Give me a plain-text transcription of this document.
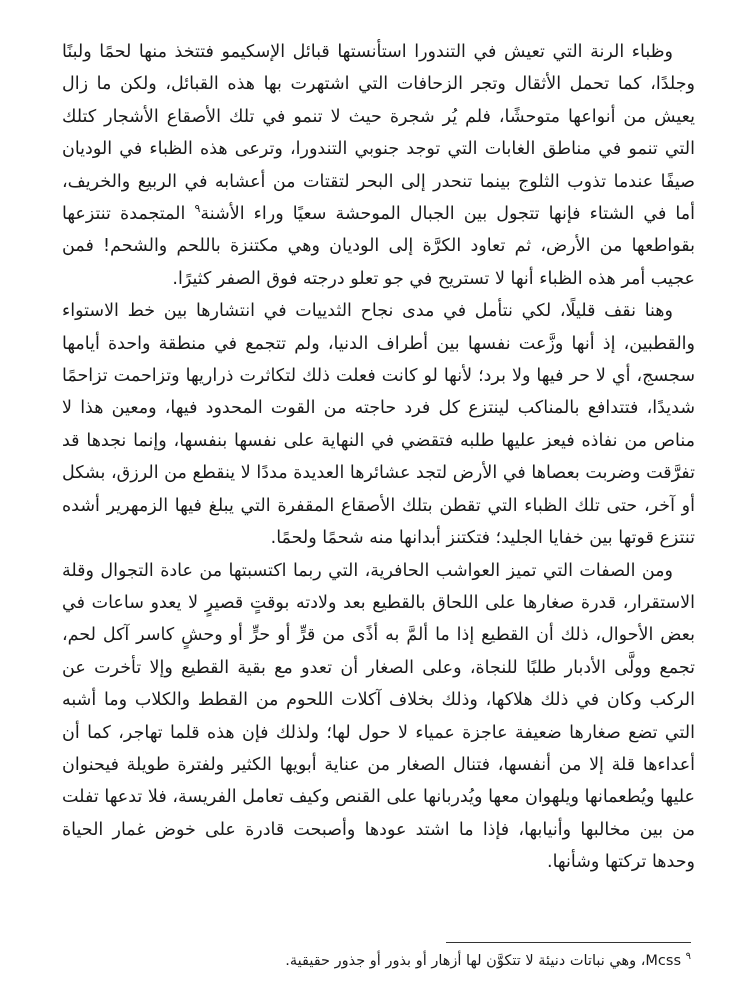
وظباء الرنة التي تعيش في التندورا استأنستها قبائل الإسكيمو فتتخذ منها لحمًا ولبنًا وجلدًا، كما تحمل الأثقال وتجر الزحافات التي اشتهرت بها هذه القبائل، ولكن ما زال يعيش من أنواعها متوحشًا، فلم يُر شجرة حيث لا تنمو في تلك الأصقاع الأشجار كتلك التي تنمو في مناطق الغابات التي توجد جنوبي التندورا، وترعى هذه الظباء في الوديان صيفًا عندما تذوب الثلوج بينما تنحدر إلى البحر لتقتات من أعشابه في الربيع والخريف، أما في الشتاء فإنها تتجول بين الجبال الموحشة سعيًا وراء الأشنة$^٩$ المتجمدة تنتزعها بقواطعها من الأرض، ثم تعاود الكرَّة إلى الوديان وهي مكتنزة باللحم والشحم! فمن عجيب أمر هذه الظباء أنها لا تستريح في جو تعلو درجته فوق الصفر كثيرًا.

وهنا نقف قليلًا، لكي نتأمل في مدى نجاح الثدييات في انتشارها بين خط الاستواء والقطبين، إذ أنها وزَّعت نفسها بين أطراف الدنيا، ولم تتجمع في منطقة واحدة أيامها سجسج، أي لا حر فيها ولا برد؛ لأنها لو كانت فعلت ذلك لتكاثرت ذراريها وتزاحمت تزاحمًا شديدًا، فتتدافع بالمناكب لينتزع كل فرد حاجته من القوت المحدود فيها، ومعين هذا لا مناص من نفاذه فيعز عليها طلبه فتقضي في النهاية على نفسها بنفسها، وإنما نجدها قد تفرَّقت وضربت بعصاها في الأرض لتجد عشائرها العديدة مددًا لا ينقطع من الرزق، بشكل أو آخر، حتى تلك الظباء التي تقطن بتلك الأصقاع المقفرة التي يبلغ فيها الزمهرير أشده تنتزع قوتها بين خفايا الجليد؛ فتكتنز أبدانها منه شحمًا ولحمًا.

ومن الصفات التي تميز العواشب الحافرية، التي ربما اكتسبتها من عادة التجوال وقلة الاستقرار، قدرة صغارها على اللحاق بالقطيع بعد ولادته بوقتٍ قصيرٍ لا يعدو ساعات في بعض الأحوال، ذلك أن القطيع إذا ما ألمَّ به أذًى من قرٍّ أو حرٍّ أو وحشٍ كاسر آكل لحم، تجمع وولَّى الأدبار طلبًا للنجاة، وعلى الصغار أن تعدو مع بقية القطيع وإلا تأخرت عن الركب وكان في ذلك هلاكها، وذلك بخلاف آكلات اللحوم من القطط والكلاب وما أشبه التي تضع صغارها ضعيفة عاجزة عمياء لا حول لها؛ ولذلك فإن هذه قلما تهاجر، كما أن أعداءها قلة إلا من أنفسها، فتنال الصغار من عناية أبويها الكثير ولفترة طويلة فيحنوان عليها ويُطعمانها ويلهوان معها ويُدربانها على القنص وكيف تعامل الفريسة، فلا تدعها تفلت من بين مخالبها وأنيابها، فإذا ما اشتد عودها وأصبحت قادرة على خوض غمار الحياة وحدها تركتها وشأنها.

$^٩$ Mcss، وهي نباتات دنيئة لا تتكوَّن لها أزهار أو بذور أو جذور حقيقية.
